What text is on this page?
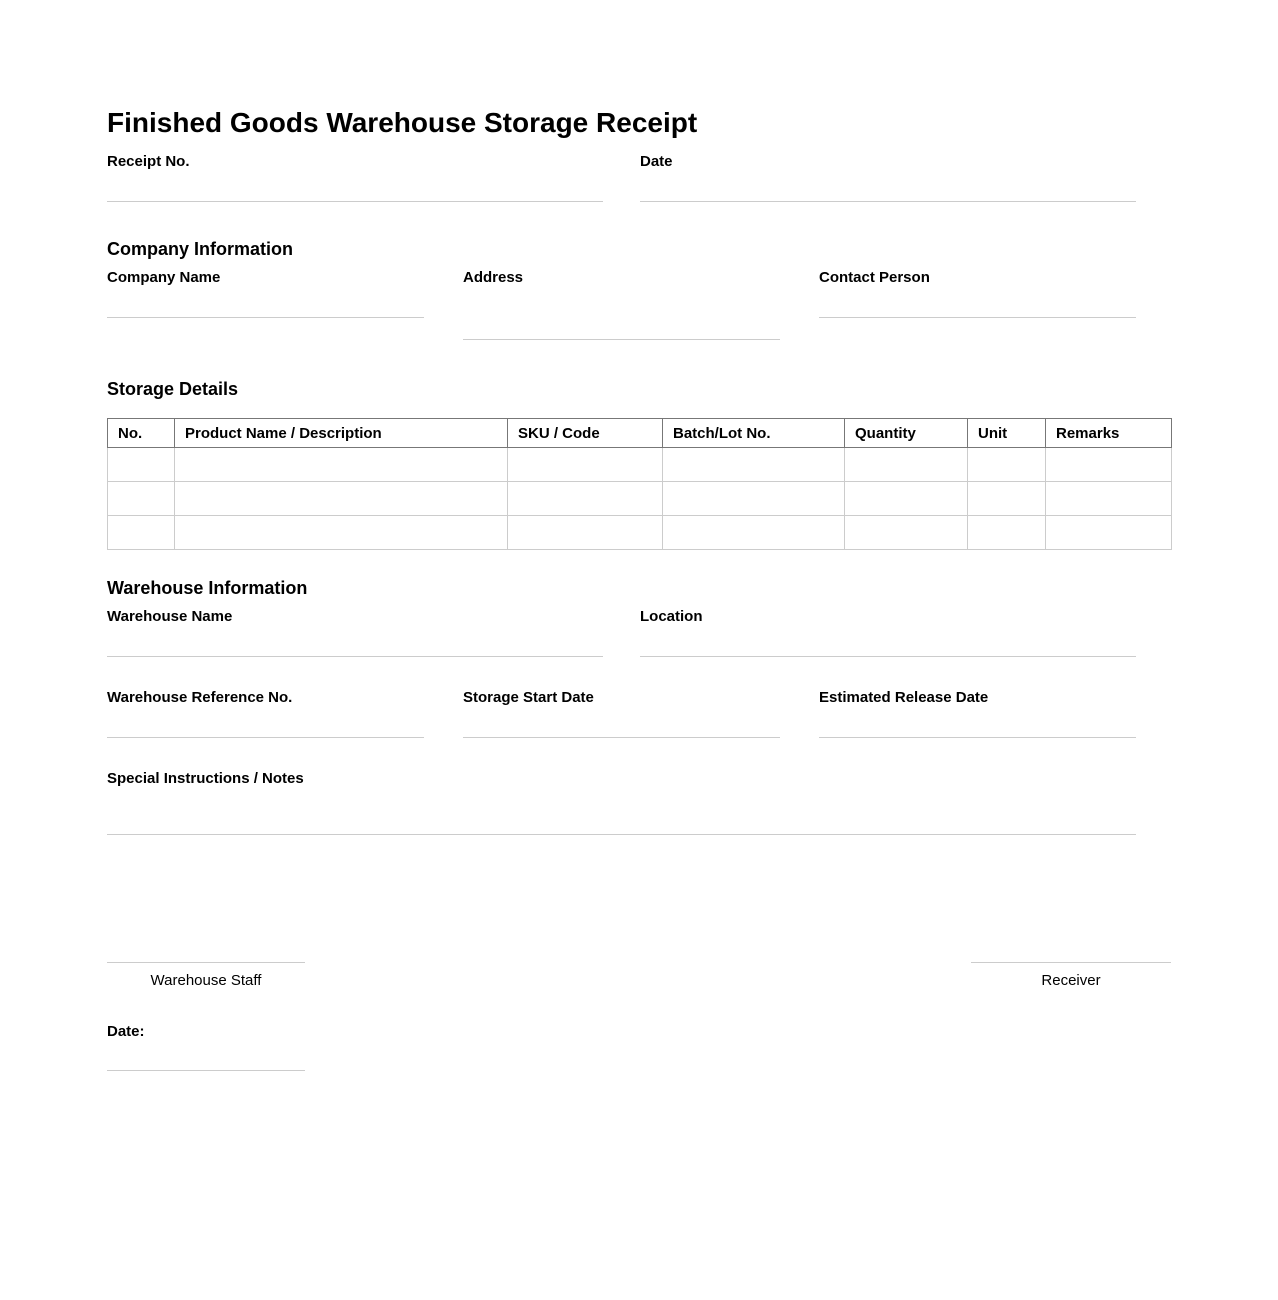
Finished Goods Warehouse Storage Receipt
Receipt No.	Date
Company Information
Company Name	Address	Contact Person
Storage Details
No.	Product Name / Description	SKU / Code	Batch/Lot No.	Quantity	Unit	Remarks

Warehouse Information
Warehouse Name	Location
Warehouse Reference No.	Storage Start Date	Estimated Release Date
Special Instructions / Notes
Warehouse Staff	Receiver
Date:
